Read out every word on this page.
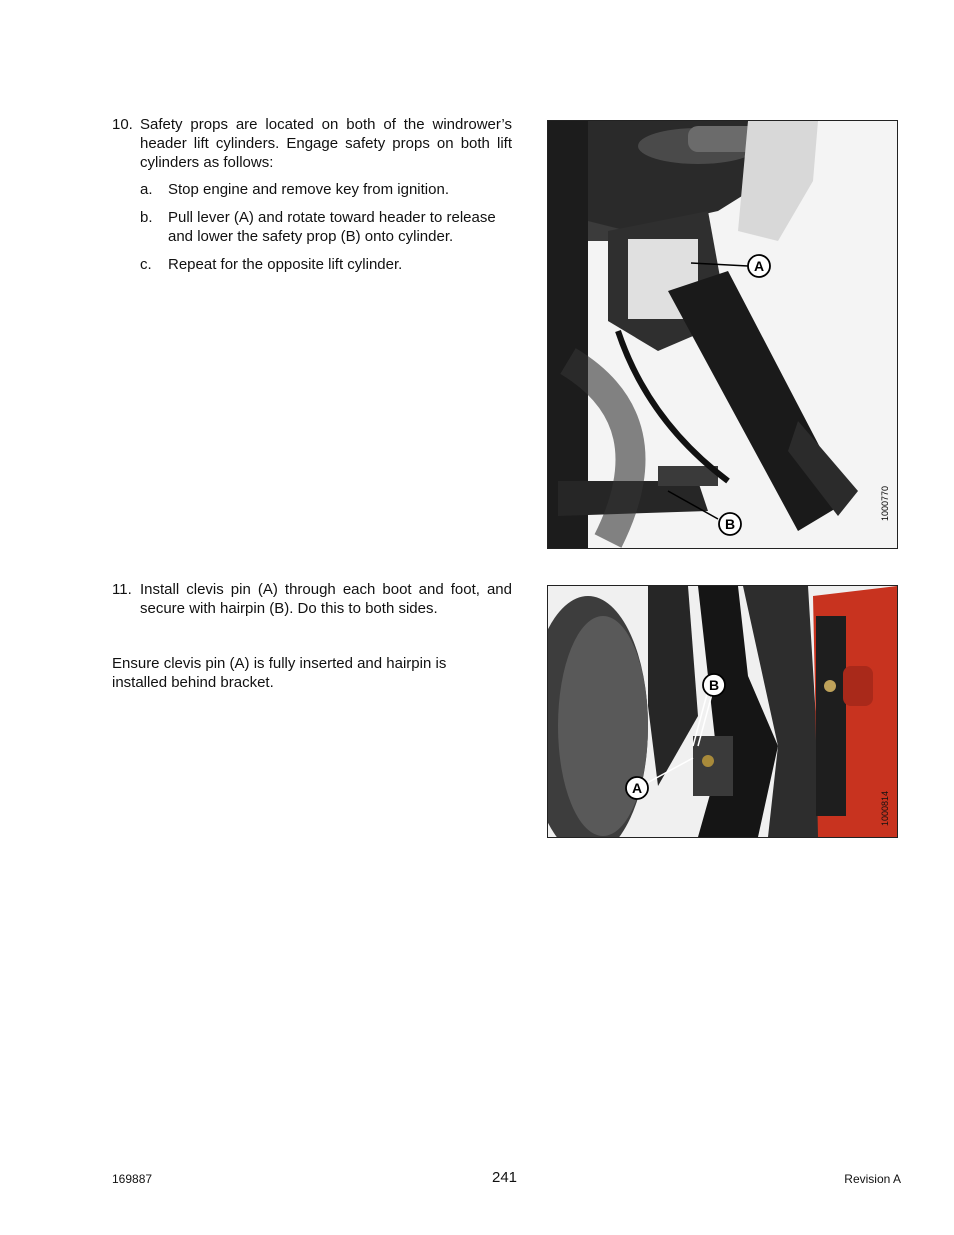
10. Safety props are located on both of the windrower’s header lift cylinders. Engage safety props on both lift cylinders as follows:
a. Stop engine and remove key from ignition.
b. Pull lever (A) and rotate toward header to release and lower the safety prop (B) onto cylinder.
c. Repeat for the opposite lift cylinder.	A
B
1000770
11. Install clevis pin (A) through each boot and foot, and secure with hairpin (B). Do this to both sides.
Ensure clevis pin (A) is fully inserted and hairpin is installed behind bracket.	B
A
1000814
169887	241	Revision A
